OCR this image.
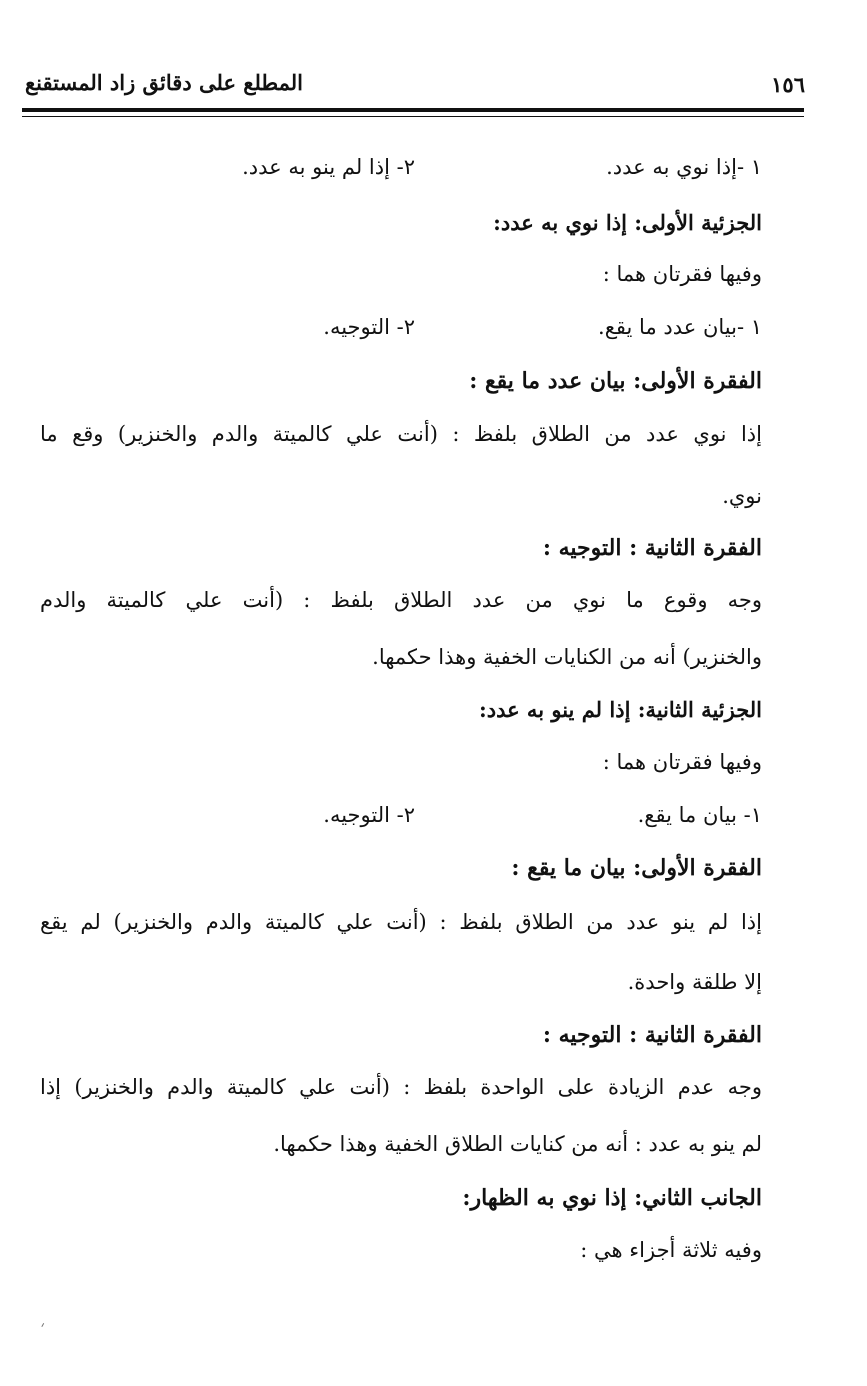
١٥٦
المطلع على دقائق زاد المستقنع
١ -إذا نوي به عدد.
٢- إذا لم ينو به عدد.
الجزئية الأولى: إذا نوي به عدد:
وفيها فقرتان هما :
١ -بيان عدد ما يقع.
٢- التوجيه.
الفقرة الأولى: بيان عدد ما يقع :
إذا نوي عدد من الطلاق بلفظ : (أنت علي كالميتة والدم والخنزير) وقع ما
نوي.
الفقرة الثانية : التوجيه :
وجه وقوع ما نوي من عدد الطلاق بلفظ : (أنت علي كالميتة والدم
والخنزير) أنه من الكنايات الخفية وهذا حكمها.
الجزئية الثانية: إذا لم ينو به عدد:
وفيها فقرتان هما :
١- بيان ما يقع.
٢- التوجيه.
الفقرة الأولى: بيان ما يقع :
إذا لم ينو عدد من الطلاق بلفظ : (أنت علي كالميتة والدم والخنزير) لم يقع
إلا طلقة واحدة.
الفقرة الثانية : التوجيه :
وجه عدم الزيادة على الواحدة بلفظ : (أنت علي كالميتة والدم والخنزير) إذا
لم ينو به عدد : أنه من كنايات الطلاق الخفية وهذا حكمها.
الجانب الثاني: إذا نوي به الظهار:
وفيه ثلاثة أجزاء هي :
